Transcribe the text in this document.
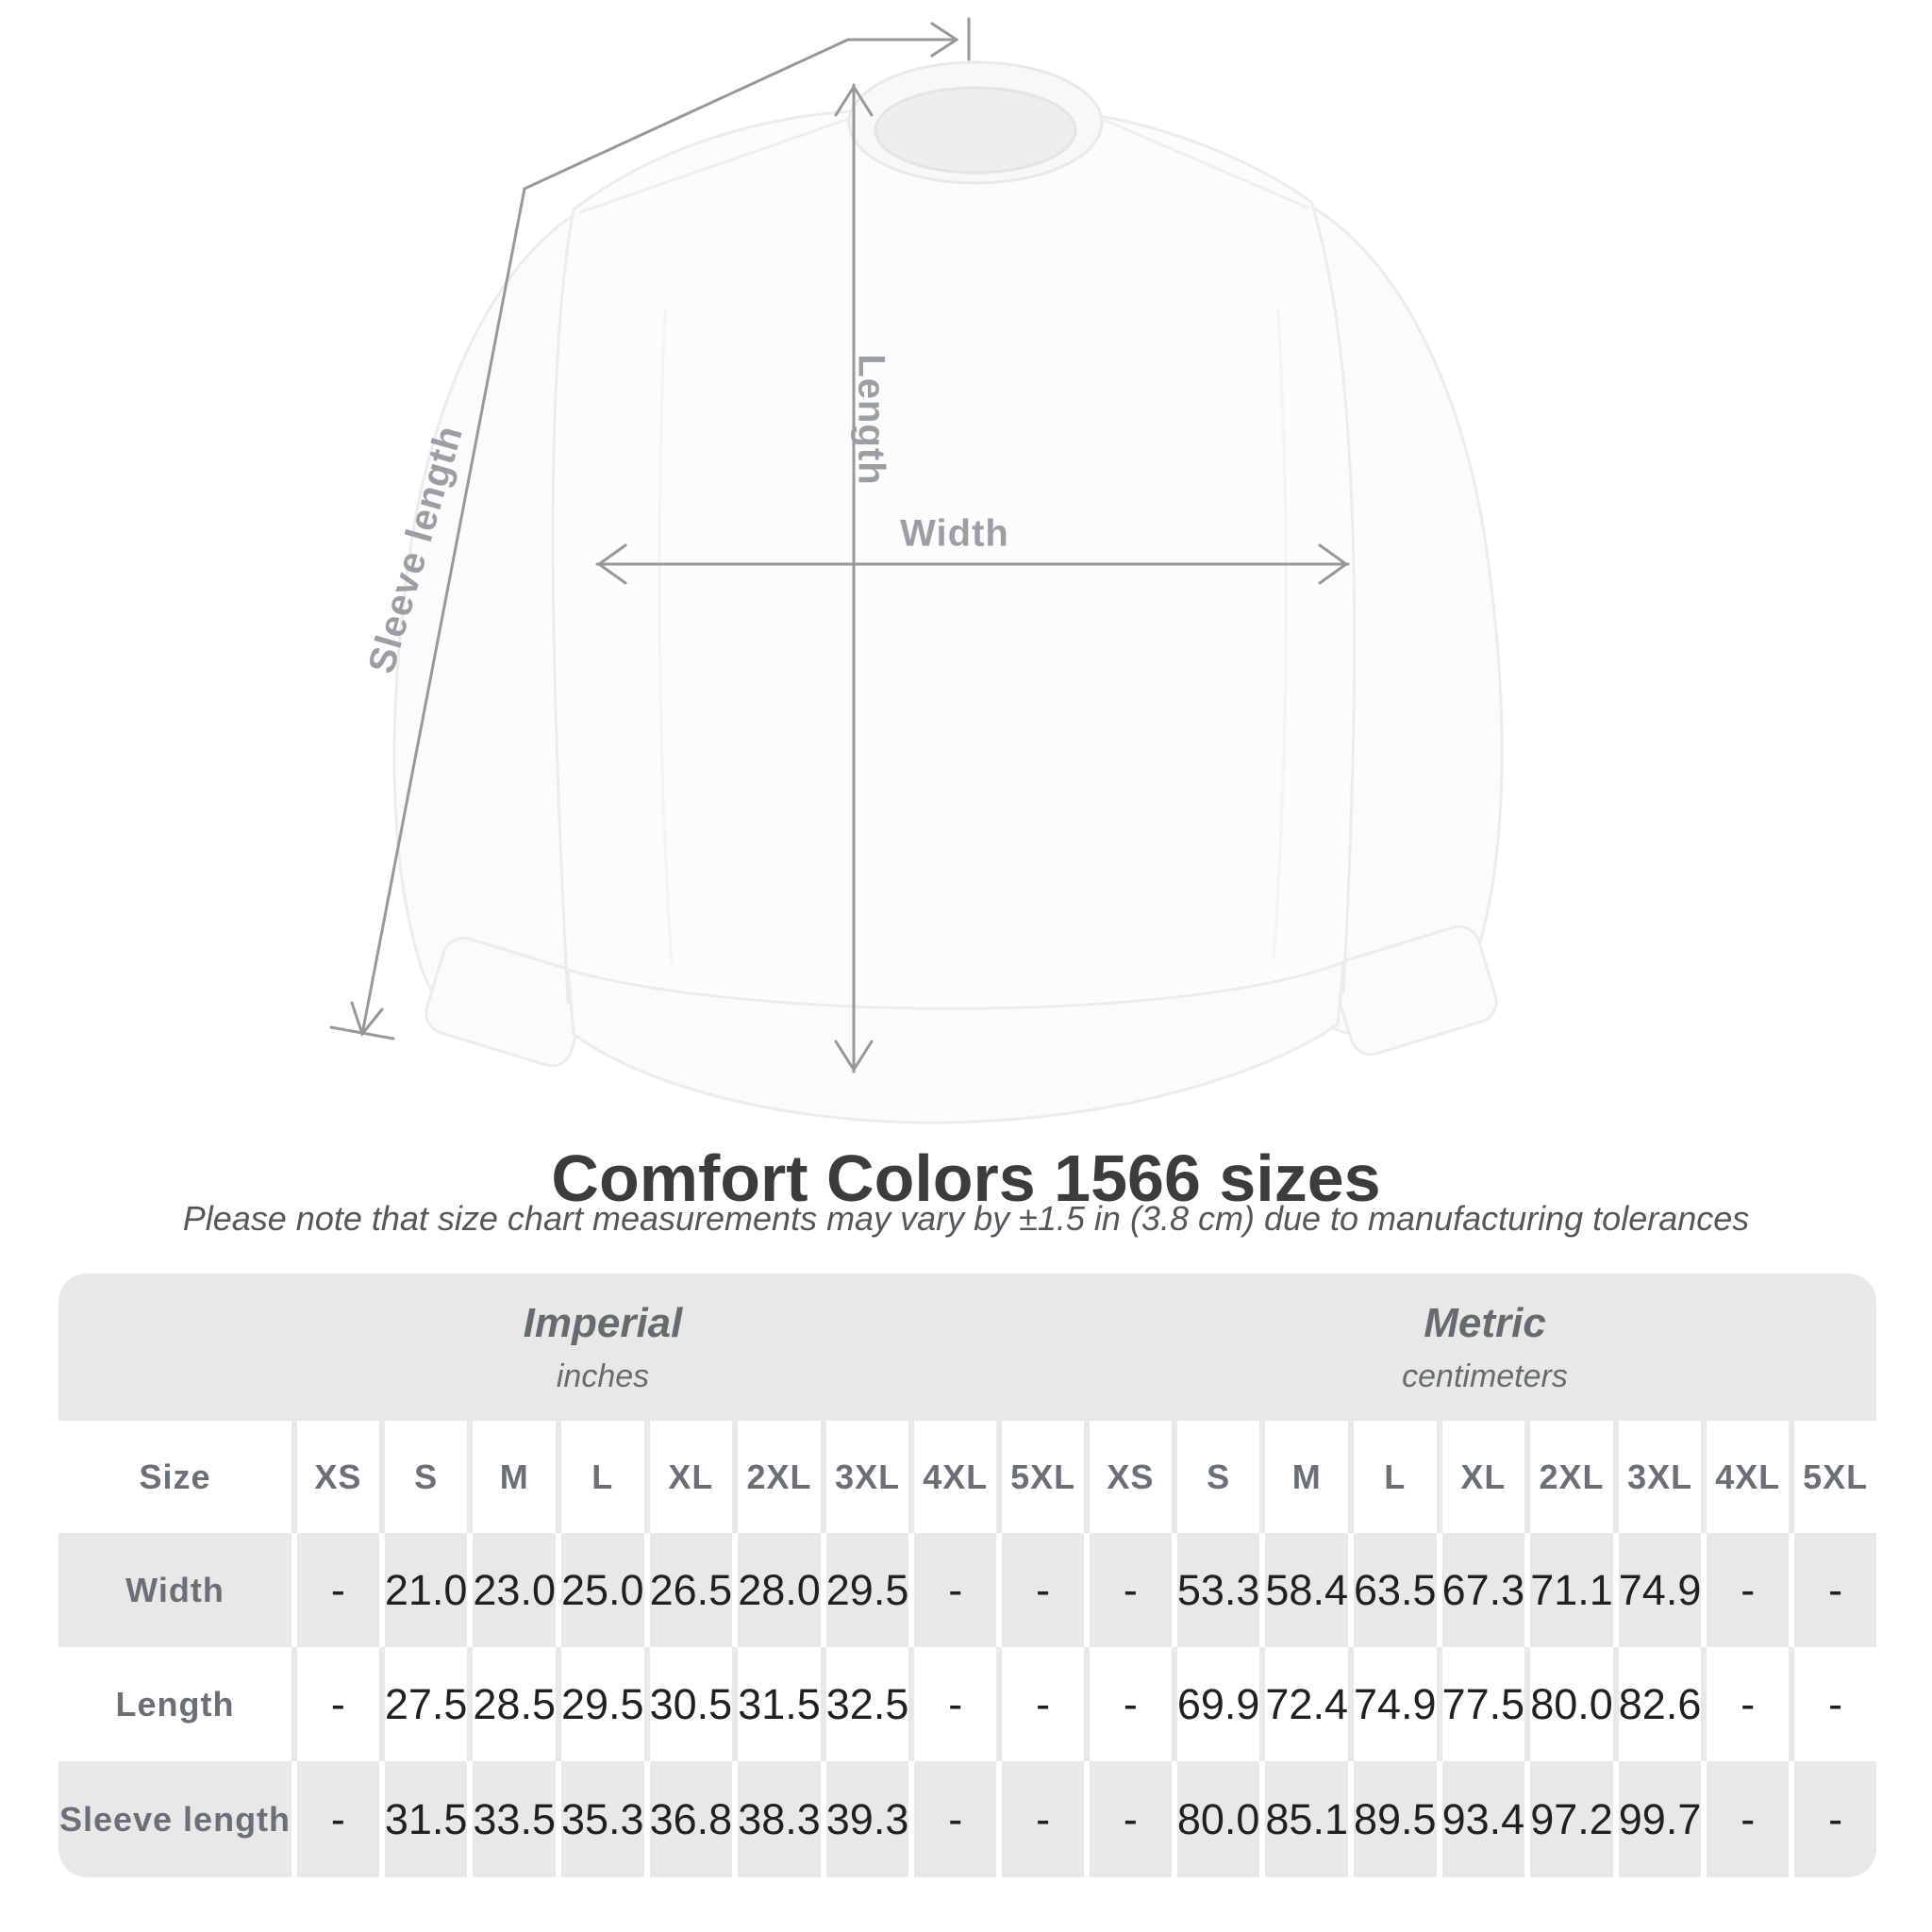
Length
Width
Sleeve length
Comfort Colors 1566 sizes
Please note that size chart measurements may vary by ±1.5 in (3.8 cm) due to manufacturing tolerances
Imperial
inches
Metric
centimeters
Size	XS	S	M	L	XL 2XL 3XL 4XL 5XL XS	S	M	L	XL 2XL 3XL 4XL 5XL
Width	- 21.0 23.0 25.0 26.5 28.0 29.5 -	-	- 53.3 58.4 63.5 67.3 71.1 74.9 -	-
Length	- 27.5 28.5 29.5 30.5 31.5 32.5 -	-	- 69.9 72.4 74.9 77.5 80.0 82.6 -	-
Sleeve length - 31.5 33.5 35.3 36.8 38.3 39.3 -	-	- 80.0 85.1 89.5 93.4 97.2 99.7 -	-
